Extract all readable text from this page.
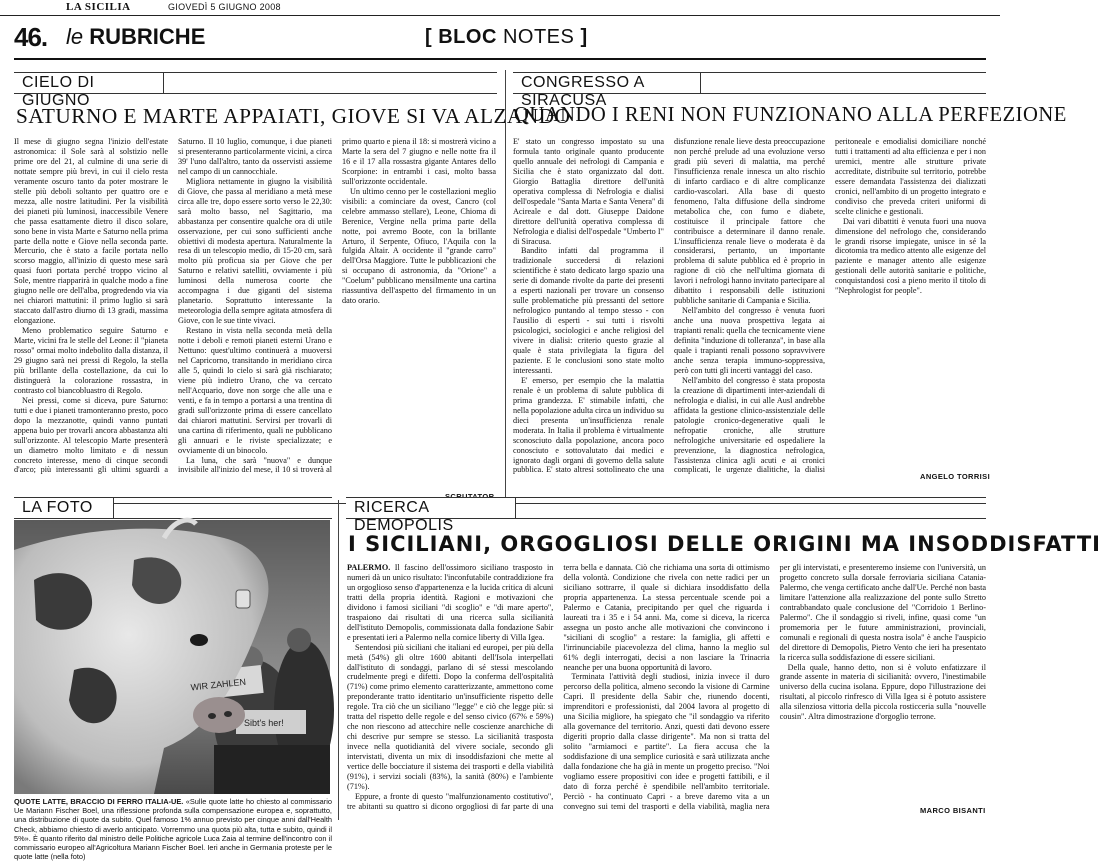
LA SICILIA	GIOVEDÌ 5 GIUGNO 2008
46. le RUBRICHE	[ BLOC NOTES ]
CIELO DI GIUGNO
SATURNO E MARTE APPAIATI, GIOVE SI VA ALZANDO

Il mese di giugno segna l'inizio dell'estate astronomica: il Sole sarà al solstizio nelle prime ore del 21, al culmine di una serie di nottate sempre più brevi, in cui il cielo resta veramente oscuro tanto da poter mostrare le stelle più deboli soltanto per quattro ore e mezza, alle nostre latitudini. Per la visibilità dei pianeti più luminosi, inaccessibile Venere che passa esattamente dietro il disco solare, sono bene in vista Marte e Saturno nella prima parte della notte e Giove nella seconda parte. Mercurio, che è stato a facile portata nello scorso maggio, all'inizio di questo mese sarà quasi fuori portata perché troppo vicino al Sole, mentre riapparirà in qualche modo a fine giugno nelle ore dell'alba, progredendo via via nei chiarori mattutini: il primo luglio si sarà staccato dall'astro diurno di 13 gradi, massima elongazione.

Meno problematico seguire Saturno e Marte, vicini fra le stelle del Leone: il "pianeta rosso" ormai molto indebolito dalla distanza, il 29 giugno sarà nei pressi di Regolo, la stella più brillante della costellazione, da cui lo distinguerà la colorazione rossastra, in contrasto col biancobluastro di Regolo.

Nei pressi, come si diceva, pure Saturno: tutti e due i pianeti tramonteranno presto, poco dopo la mezzanotte, quindi vanno puntati appena buio per trovarli ancora abbastanza alti sull'orizzonte. Al telescopio Marte presenterà un diametro molto limitato e di nessun concreto interesse, meno di cinque secondi d'arco; più interessanti gli ultimi sguardi a Saturno. Il 10 luglio, comunque, i due pianeti si presenteranno particolarmente vicini, a circa 39' l'uno dall'altro, tanto da osservisti assieme nel campo di un cannocchiale.

Migliora nettamente in giugno la visibilità di Giove, che passa al meridiano a metà mese circa alle tre, dopo essere sorto verso le 22,30: sarà molto basso, nel Sagittario, ma abbastanza per consentire qualche ora di utile osservazione, per cui sono sufficienti anche obiettivi di modesta apertura. Naturalmente la resa di un telescopio medio, di 15-20 cm, sarà molto più proficua sia per Giove che per Saturno e relativi satelliti, ovviamente i più luminosi della numerosa coorte che accompagna i due giganti del sistema planetario. Soprattutto interessante la meteorologia della sempre agitata atmosfera di Giove, con le sue tinte vivaci.

Restano in vista nella seconda metà della notte i deboli e remoti pianeti esterni Urano e Nettuno: quest'ultimo continuerà a muoversi nel Capricorno, transitando in meridiano circa alle 5, quindi lo cielo si sarà già rischiarato; viene più indietro Urano, che va cercato nell'Acquario, dove non sorge che alle una e venti, e fa in tempo a portarsi a una trentina di gradi sull'orizzonte prima di essere cancellato dai chiarori mattutini. Servirsi per trovarli di una cartina di riferimento, quali ne pubblicano gli annuari e le riviste specializzate; e ovviamente di un binocolo.

La luna, che sarà "nuova" e dunque invisibile all'inizio del mese, il 10 si troverà al primo quarto e piena il 18: si mostrerà vicino a Marte la sera del 7 giugno e nelle notte fra il 16 e il 17 alla rossastra gigante Antares dello Scorpione: in entrambi i casi, molto bassa sull'orizzonte occidentale.

Un ultimo cenno per le costellazioni meglio visibili: a cominciare da ovest, Cancro (col celebre ammasso stellare), Leone, Chioma di Berenice, Vergine nella prima parte della notte, poi avremo Boote, con la brillante Arturo, il Serpente, Ofiuco, l'Aquila con la fulgida Altair. A occidente il "grande carro" dell'Orsa Maggiore. Tutte le pubblicazioni che si occupano di astronomia, da "Orione" a "Coelum" pubblicano mensilmente una cartina riassuntiva dell'aspetto del firmamento in un dato orario.

CONGRESSO A SIRACUSA
QUANDO I RENI NON FUNZIONANO ALLA PERFEZIONE

E' stato un congresso impostato su una formula tanto originale quanto producente quello annuale dei nefrologi di Campania e Sicilia che è stato organizzato dal dott. Giorgio Battaglia direttore dell'unità operativa complessa di Nefrologia e dialisi dell'ospedale "Santa Marta e Santa Venera" di Acireale e dal dott. Giuseppe Daidone direttore dell'unità operativa complessa di Nefrologia e dialisi dell'ospedale "Umberto I" di Siracusa.

Bandito infatti dal programma il tradizionale succedersi di relazioni scientifiche è stato dedicato largo spazio una serie di domande rivolte da parte dei presenti a esperti nazionali per trovare un consenso sulle problematiche più pressanti del settore nefrologico puntando al tempo stesso - con l'ausilio di esperti - sui tutti i risvolti psicologici, sociologici e anche religiosi del vivere in dialisi: criterio questo grazie al quale è stata privilegiata la figura del paziente. E le conclusioni sono state molto interessanti.

E' emerso, per esempio che la malattia renale è un problema di salute pubblica di prima grandezza. E' stimabile infatti, che nella popolazione adulta circa un individuo su dieci presenta un'insufficienza renale moderata. In Italia il problema è virtualmente sconosciuto dalla popolazione, ancora poco conosciuto e sottovalutato dai medici e ignorato dagli organi di governo della salute pubblica. E' stato altresì sottolineato che una disfunzione renale lieve desta preoccupazione non perché prelude ad una evoluzione verso gradi più severi di malattia, ma perché l'insufficienza renale innesca un alto rischio di infarto cardiaco e di altre complicanze cardio-vascolari. Alla base di questo fenomeno, l'alta diffusione della sindrome metabolica che, con fumo e diabete, costituisce il principale fattore che contribuisce a determinare il danno renale. L'insufficienza renale lieve o moderata è da considerarsi, pertanto, un importante problema di salute pubblica ed è proprio in ragione di ciò che nell'ultima giornata di lavori i nefrologi hanno invitato partecipare al dibattito i responsabili delle istituzioni pubbliche sanitarie di Campania e Sicilia.

Nell'ambito del congresso è venuta fuori anche una nuova prospettiva legata ai trapianti renali: quella che tecnicamente viene definita "induzione di tolleranza", in base alla quale i trapianti renali possono sopravvivere anche senza terapia immuno-soppressiva, però con tutti gli incerti vantaggi del caso.

Nell'ambito del congresso è stata proposta la creazione di dipartimenti inter-aziendali di nefrologia e dialisi, in cui alle Ausl andrebbe affidata la gestione clinico-assistenziale delle patologie cronico-degenerative quali le nefropatie croniche, alle strutture nefrologiche universitarie ed ospedaliere la prevenzione, la diagnostica nefrologica, l'assistenza clinica agli acuti e ai cronici complicati, le urgenze dialitiche, la dialisi peritoneale e emodialisi domiciliare nonché tutti i trattamenti ad alta efficienza e per i non uremici, mentre alle strutture private accreditate, distribuite sul territorio, potrebbe essere demandata l'assistenza dei dializzati cronici, nell'ambito di un progetto integrato e condiviso che preveda criteri uniformi di scelte cliniche e gestionali.

Dai vari dibattiti è venuta fuori una nuova dimensione del nefrologo che, considerando le grandi risorse impiegate, unisce in sé la dicotomia tra medico attento alle esigenze del paziente e manager attento alle esigenze gestionali delle autorità sanitarie e politiche, conquistandosi così a pieno merito il titolo di "Nephrologist for people".

ANGELO TORRISI
LA FOTO
WIR ZAHLEN
Sibt's her!
QUOTE LATTE, BRACCIO DI FERRO ITALIA-UE. «Sulle quote latte ho chiesto al commissario Ue Mariann Fischer Boel, una riflessione profonda sulla compensazione europea e, soprattutto, una distribuzione di quote da subito. Quel famoso 1% annuo previsto per cinque anni dall'Health Check, abbiamo chiesto di averlo anticipato. Vorremmo una quota più alta, tutta e subito, quindi il 5%». È quanto riferito dal ministro delle Politiche agricole Luca Zaia al termine dell'incontro con il commissario europeo all'Agricoltura Mariann Fischer Boel. Ieri anche in Germania proteste per le quote latte (nella foto)
RICERCA DEMOPOLIS
I SICILIANI, ORGOGLIOSI DELLE ORIGINI MA INSODDISFATTI

PALERMO. Il fascino dell'ossimoro siciliano trasposto in numeri dà un unico risultato: l'inconfutabile contraddizione fra un orgoglioso senso d'appartenenza e la lucida critica di alcuni tratti della propria identità. Ragioni e motivazioni che dividono i famosi siciliani "di scoglio" e "di mare aperto", traspaiono dai risultati di una ricerca sulla sicilianità dell'istituto Demopolis, commissionata dalla fondazione Sabir e presentati ieri a Palermo nella cornice liberty di Villa Igea.

Sentendosi più siciliani che italiani ed europei, per più della metà (54%) gli oltre 1600 abitanti dell'Isola interpellati dall'istituto di sondaggi, parlano di sé stessi mescolando crudelmente pregi e difetti. Dopo la conferma dell'ospitalità (71%) come primo elemento caratterizzante, ammettono come preponderante tratto identitario un'insufficiente rispetto delle regole. Tra ciò che un siciliano "legge" e ciò che legge più: si tratta del rispetto delle regole e del senso civico (67% e 59%) che non riescono ad attecchire nelle coscienze anarchiche di chi descrive pur sempre se stesso. La sicilianità trasposta invece nella quotidianità del vivere sociale, secondo gli intervistati, diventa un mix di insoddisfazioni che mette al vertice delle bocciature il sistema dei trasporti e della viabilità (91%), i servizi sociali (83%), la sanità (80%) e l'ambiente (71%).

Eppure, a fronte di questo "malfunzionamento costitutivo", tre abitanti su quattro si dicono orgogliosi di far parte di una terra bella e dannata. Ciò che richiama una sorta di ottimismo della volontà. Condizione che rivela con nette radici per un siciliano sottrarre, il quale si dichiara insoddisfatto della propria appartenenza. La stessa percentuale scende poi a Palermo e Catania, precipitando per quel che riguarda i laureati tra i 35 e i 54 anni. Ma, come si diceva, la ricerca assegna un posto anche alle motivazioni che convincono i "siciliani di scoglio" a restare: la famiglia, gli affetti e l'irrinunciabile piacevolezza del clima, hanno la meglio sul 61% degli interrogati, decisi a non lasciare la Trinacria neanche per una buona opportunità di lavoro.

Terminata l'attività degli studiosi, inizia invece il duro percorso della politica, almeno secondo la visione di Carmine Capri. Il presidente della Sabir che, riunendo docenti, imprenditori e professionisti, dal 2004 lavora al progetto di una Sicilia migliore, ha spiegato che "il sondaggio va riferito alla governance del territorio. Anzi, questi dati devono essere digeriti proprio dalla classe dirigente". Ma non si tratta del solito "armiamoci e partite". La fiera accusa che la soddisfazione di una semplice curiosità e sarà utilizzata anche dalla fondazione che ha già in mente un progetto preciso. "Noi vogliamo essere propositivi con idee e progetti fattibili, e il dato di forza perché è spendibile nell'ambito territoriale. Perciò - ha continuato Capri - a breve daremo vita a un convegno sui temi del trasporti e della viabilità, maglia nera per gli intervistati, e presenteremo insieme con l'università, un progetto concreto sulla dorsale ferroviaria siciliana Catania-Palermo, che venga certificato anche dall'Ue. Perché non basta limitare l'attenzione alla realizzazione del ponte sullo Stretto contrabbandato quale conclusione del "Corridoio 1 Berlino-Palermo". Che il sondaggio si riveli, infine, quasi come "un promemoria per le future amministrazioni, provinciali, comunali e regionali di questa nostra isola" è anche l'auspicio del direttore di Demopolis, Pietro Vento che ieri ha presentato la ricerca sulla soddisfazione di essere siciliani.

Della quale, hanno detto, non si è voluto enfatizzare il grande assente in materia di sicilianità: ovvero, l'inestimabile universo della cucina isolana. Eppure, dopo l'illustrazione dei risultati, al piccolo rinfresco di Villa Igea si è potuto assistere alla silenziosa vittoria della piccola rosticceria sulla "nouvelle cousin". Altra dimostrazione d'orgoglio terrone.

MARCO BISANTI
